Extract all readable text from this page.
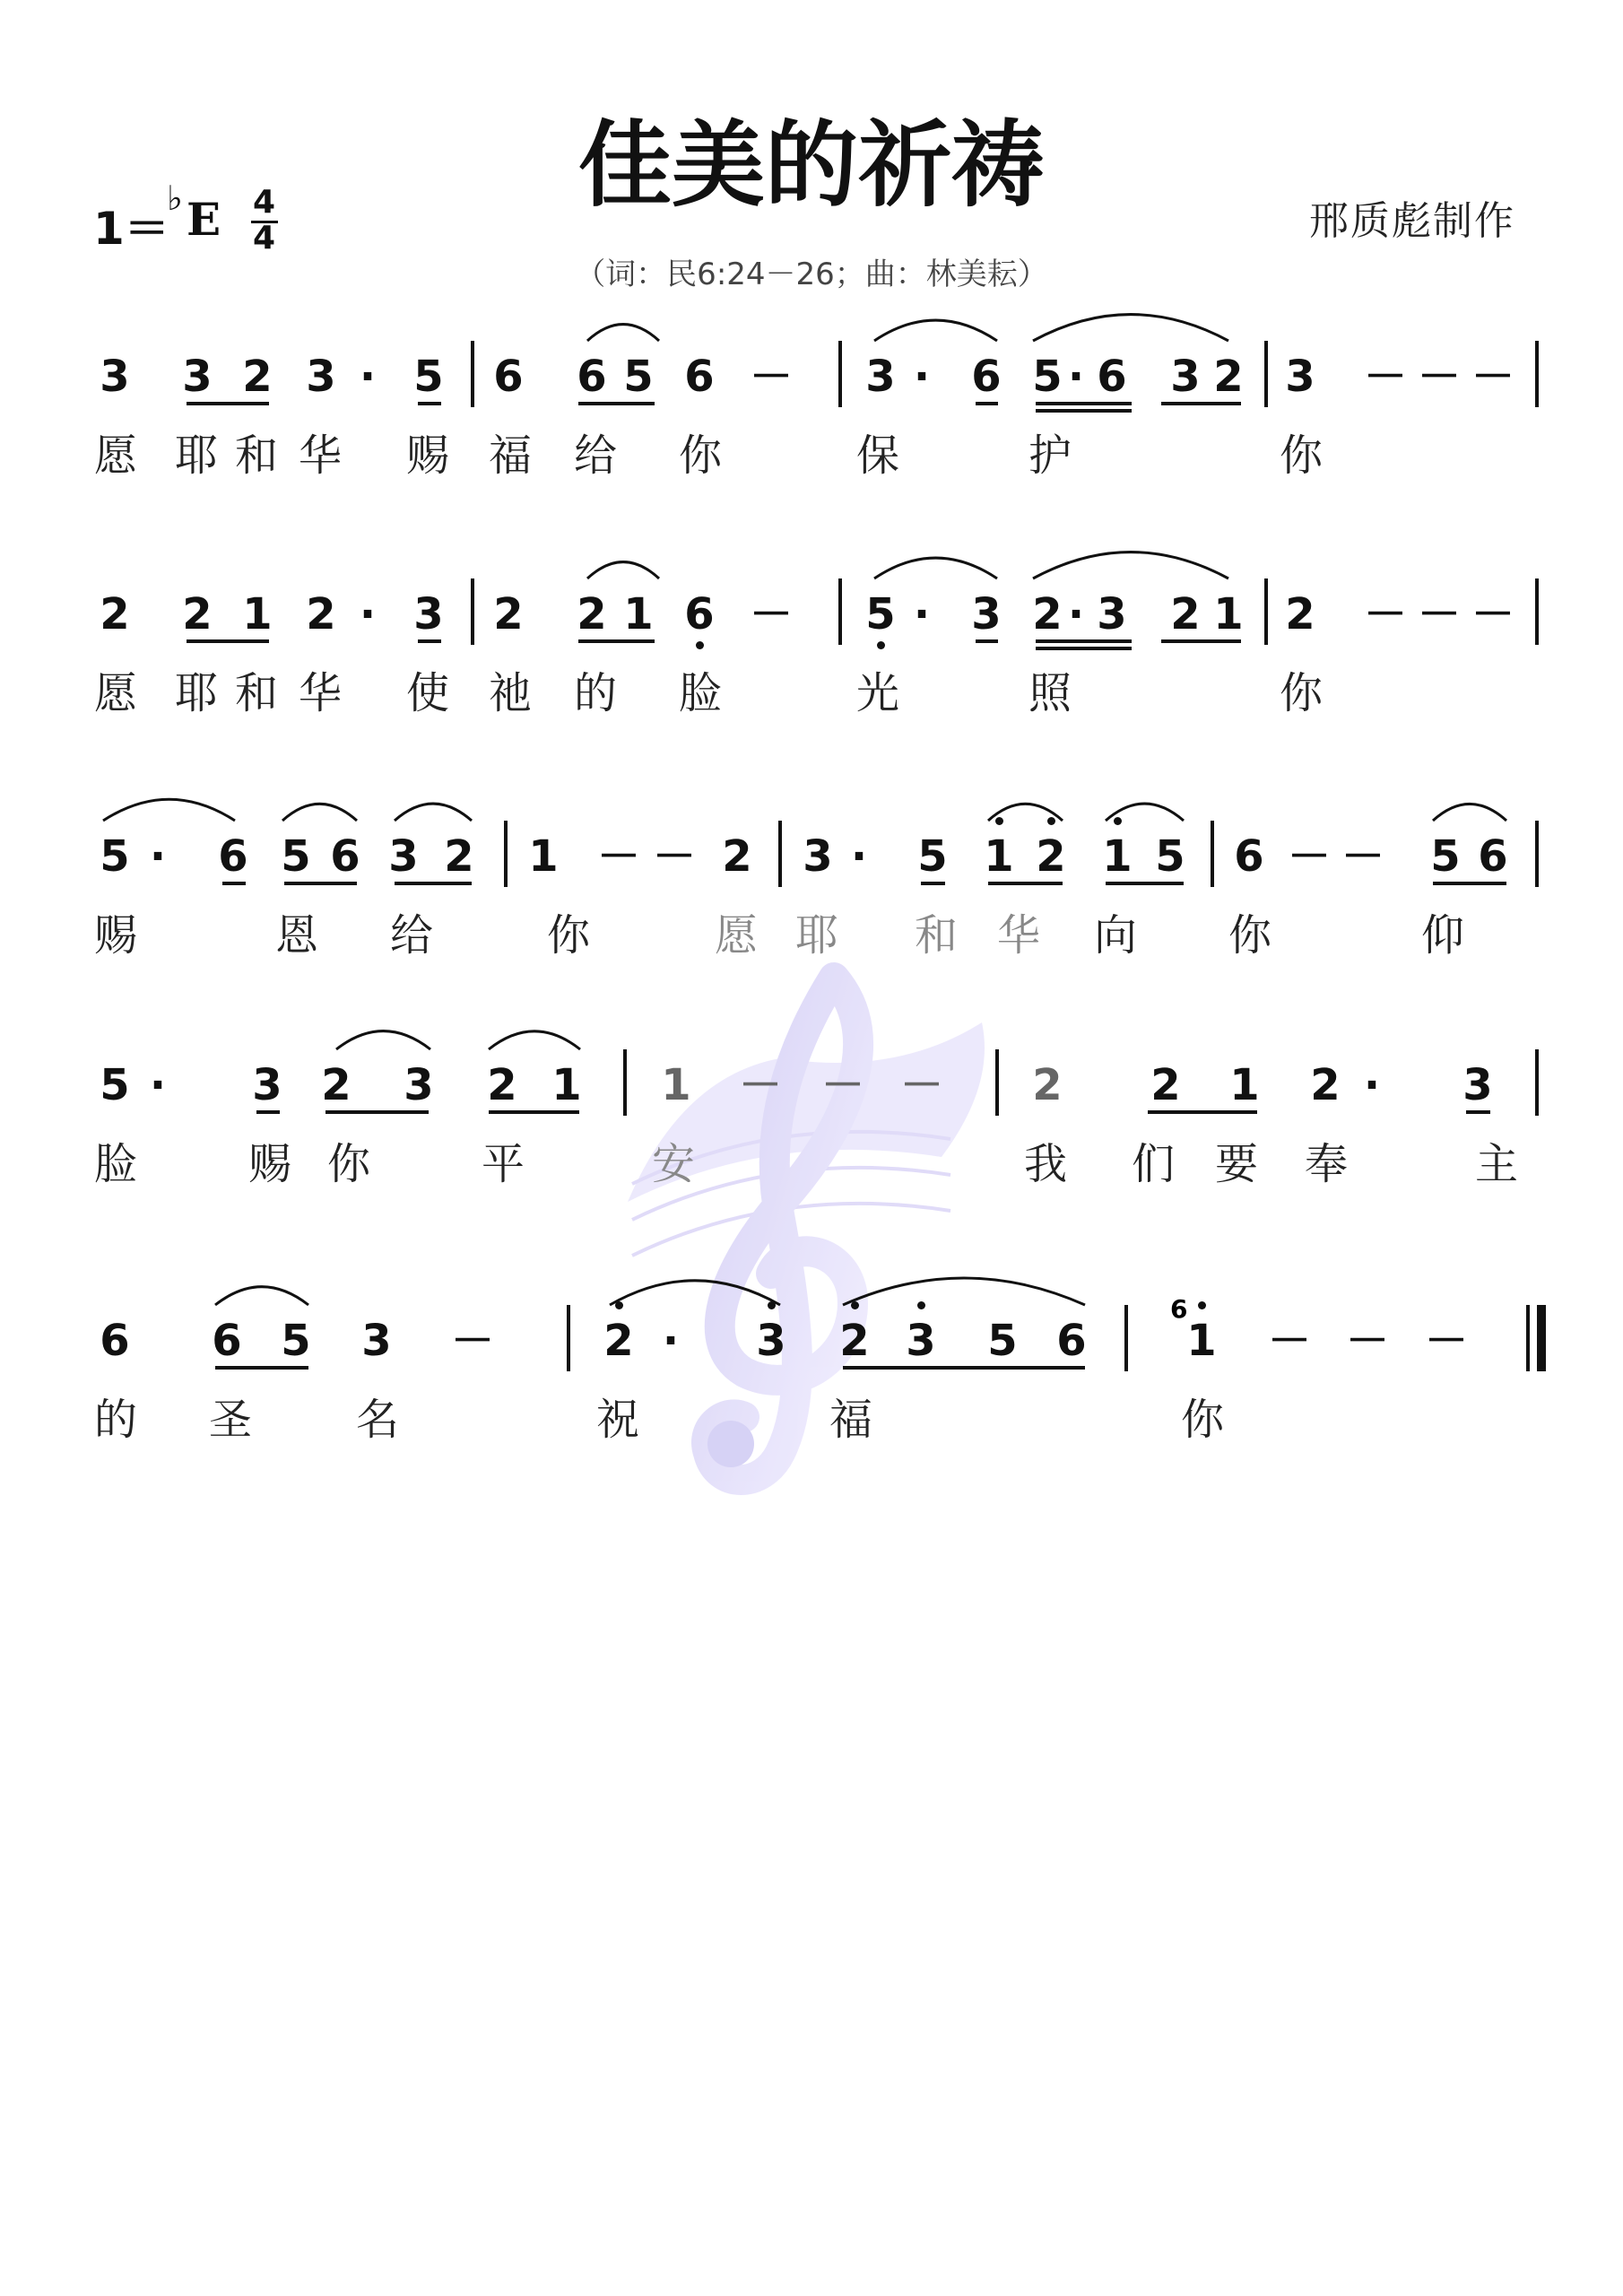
佳美的祈祷
1＝
♭ E 4
4	邢质彪制作
（词：民6:24－26；曲：林美耘）
3 3 2 3 · 5 6 6 5 6 － 3 · 6 5 · 6 3 2 3 － － －
愿 耶 和 华 赐 福 给 你	保	护	你
2 2 1 2 · 3 2 2 1 6 － 5 · 3 2 · 3 2 1 2 － － －
愿 耶 和 华 使 祂 的 脸	光	照	你
5 ·	6 5 6 3 2 1 － － 2 3 ·	5 1 2 1 5 6 － － 5 6
赐	恩 给	你	愿 耶 和 华 向 你	仰
5 ·	3 2 3 2 1 1 － － － 2 2 1 2 ·	3
脸	赐 你	平	安	我 们 要 奉	主
6 6 5 3 －	2 ·	3 2 3 5 6 1 － － －
的 圣 名	祝	福	你
6
